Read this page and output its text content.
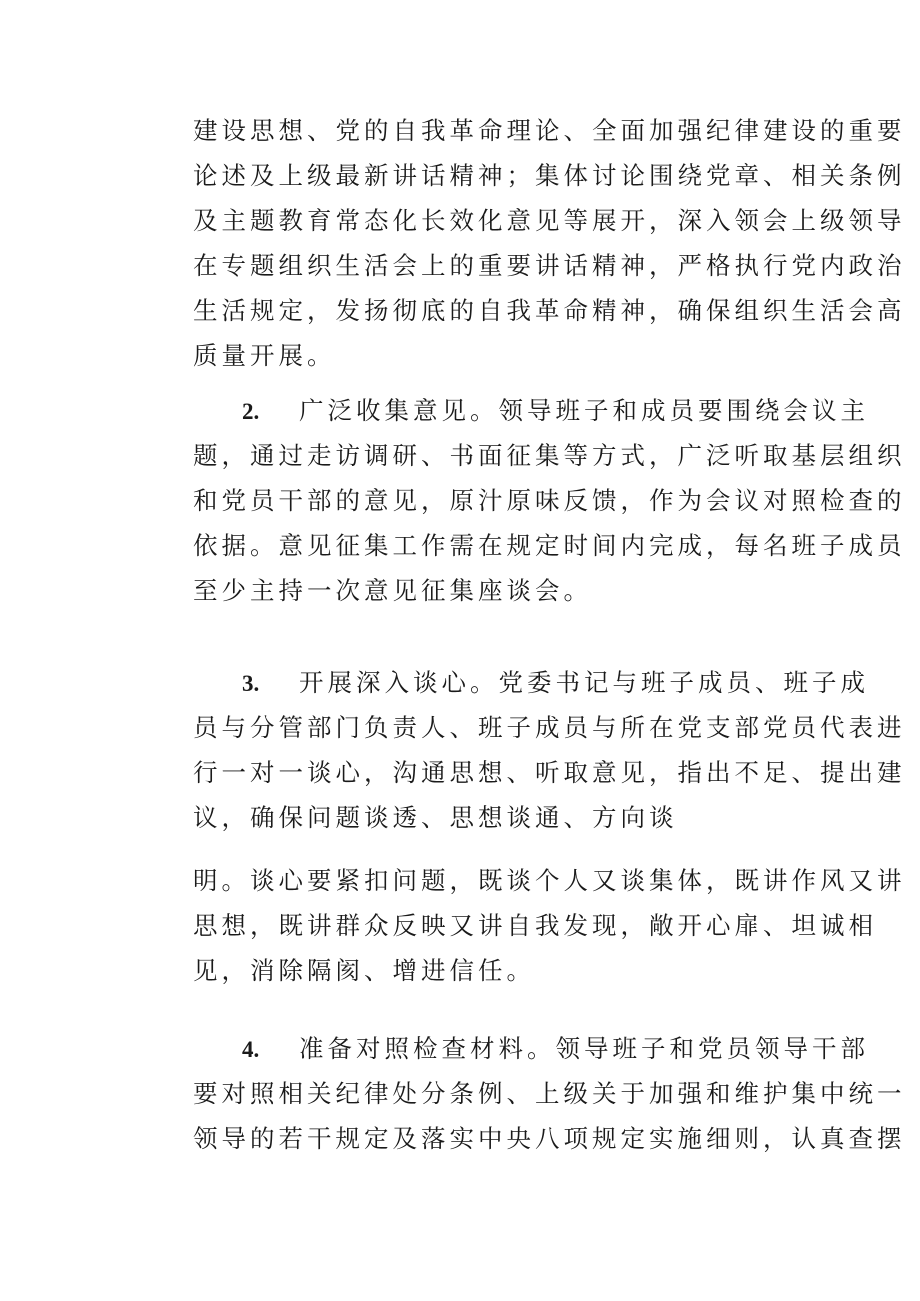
建设思想、党的自我革命理论、全面加强纪律建设的重要
论述及上级最新讲话精神；集体讨论围绕党章、相关条例
及主题教育常态化长效化意见等展开，深入领会上级领导
在专题组织生活会上的重要讲话精神，严格执行党内政治
生活规定，发扬彻底的自我革命精神，确保组织生活会高
质量开展。
2. 广泛收集意见。领导班子和成员要围绕会议主
题，通过走访调研、书面征集等方式，广泛听取基层组织
和党员干部的意见，原汁原味反馈，作为会议对照检查的
依据。意见征集工作需在规定时间内完成，每名班子成员
至少主持一次意见征集座谈会。
3. 开展深入谈心。党委书记与班子成员、班子成
员与分管部门负责人、班子成员与所在党支部党员代表进
行一对一谈心，沟通思想、听取意见，指出不足、提出建
议，确保问题谈透、思想谈通、方向谈
明。谈心要紧扣问题，既谈个人又谈集体，既讲作风又讲
思想，既讲群众反映又讲自我发现，敞开心扉、坦诚相
见，消除隔阂、增进信任。
4. 准备对照检查材料。领导班子和党员领导干部
要对照相关纪律处分条例、上级关于加强和维护集中统一
领导的若干规定及落实中央八项规定实施细则，认真查摆
